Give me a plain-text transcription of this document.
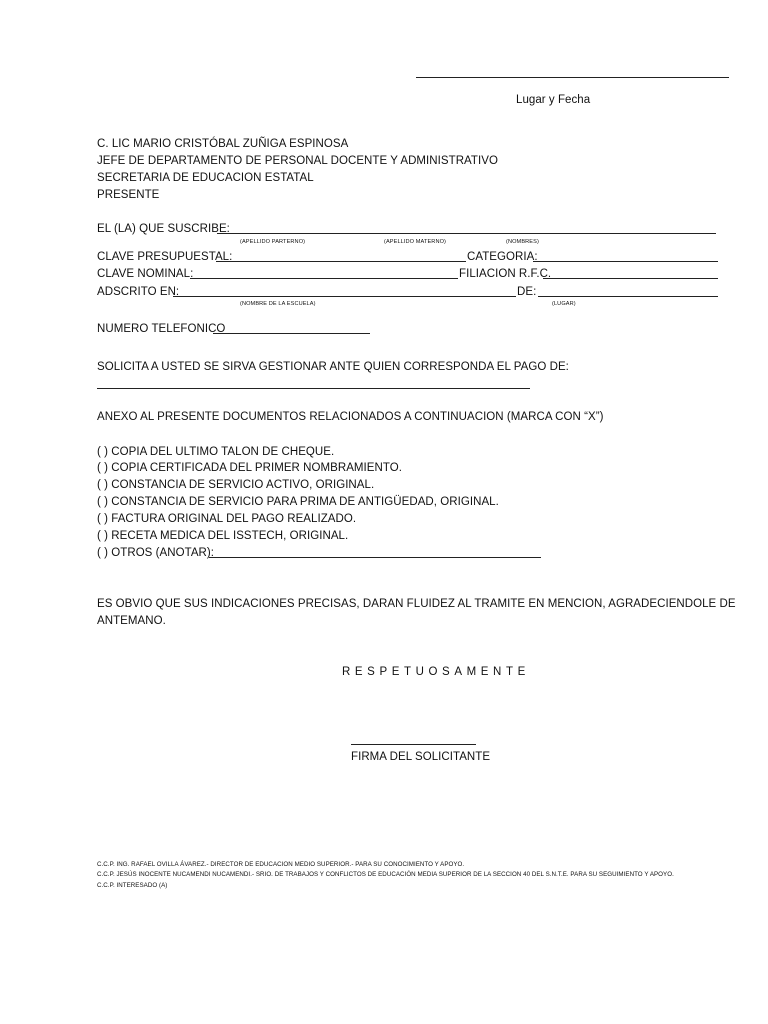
Lugar y Fecha
C. LIC MARIO CRISTÓBAL ZUÑIGA ESPINOSA
JEFE DE DEPARTAMENTO DE PERSONAL DOCENTE Y ADMINISTRATIVO
SECRETARIA DE EDUCACION ESTATAL
PRESENTE
EL (LA) QUE SUSCRIBE:
(APELLIDO PARTERNO)	(APELLIDO MATERNO)	(NOMBRES)
CLAVE PRESUPUESTAL:	CATEGORIA:
CLAVE NOMINAL:	FILIACION R.F.C.
ADSCRITO EN:	DE:
(NOMBRE DE LA ESCUELA)	(LUGAR)
NUMERO TELEFONICO
SOLICITA A USTED SE SIRVA GESTIONAR ANTE QUIEN CORRESPONDA EL PAGO DE:
ANEXO AL PRESENTE DOCUMENTOS RELACIONADOS A CONTINUACION (MARCA CON “X”)
( ) COPIA DEL ULTIMO TALON DE CHEQUE.
( ) COPIA CERTIFICADA DEL PRIMER NOMBRAMIENTO.
( ) CONSTANCIA DE SERVICIO ACTIVO, ORIGINAL.
( ) CONSTANCIA DE SERVICIO PARA PRIMA DE ANTIGÜEDAD, ORIGINAL.
( ) FACTURA ORIGINAL DEL PAGO REALIZADO.
( ) RECETA MEDICA DEL ISSTECH, ORIGINAL.
( ) OTROS (ANOTAR):
ES OBVIO QUE SUS INDICACIONES PRECISAS, DARAN FLUIDEZ AL TRAMITE EN MENCION, AGRADECIENDOLE DE
ANTEMANO.
RESPETUOSAMENTE
FIRMA DEL SOLICITANTE
C.C.P. ING. RAFAEL OVILLA ÁVAREZ.- DIRECTOR DE EDUCACION MEDIO SUPERIOR.- PARA SU CONOCIMIENTO Y APOYO.
C.C.P. JESÚS INOCENTE NUCAMENDI NUCAMENDI.- SRIO. DE TRABAJOS Y CONFLICTOS DE EDUCACIÓN MEDIA SUPERIOR DE LA SECCION 40 DEL S.N.T.E. PARA SU SEGUIMIENTO Y APOYO.
C.C.P. INTERESADO (A)
